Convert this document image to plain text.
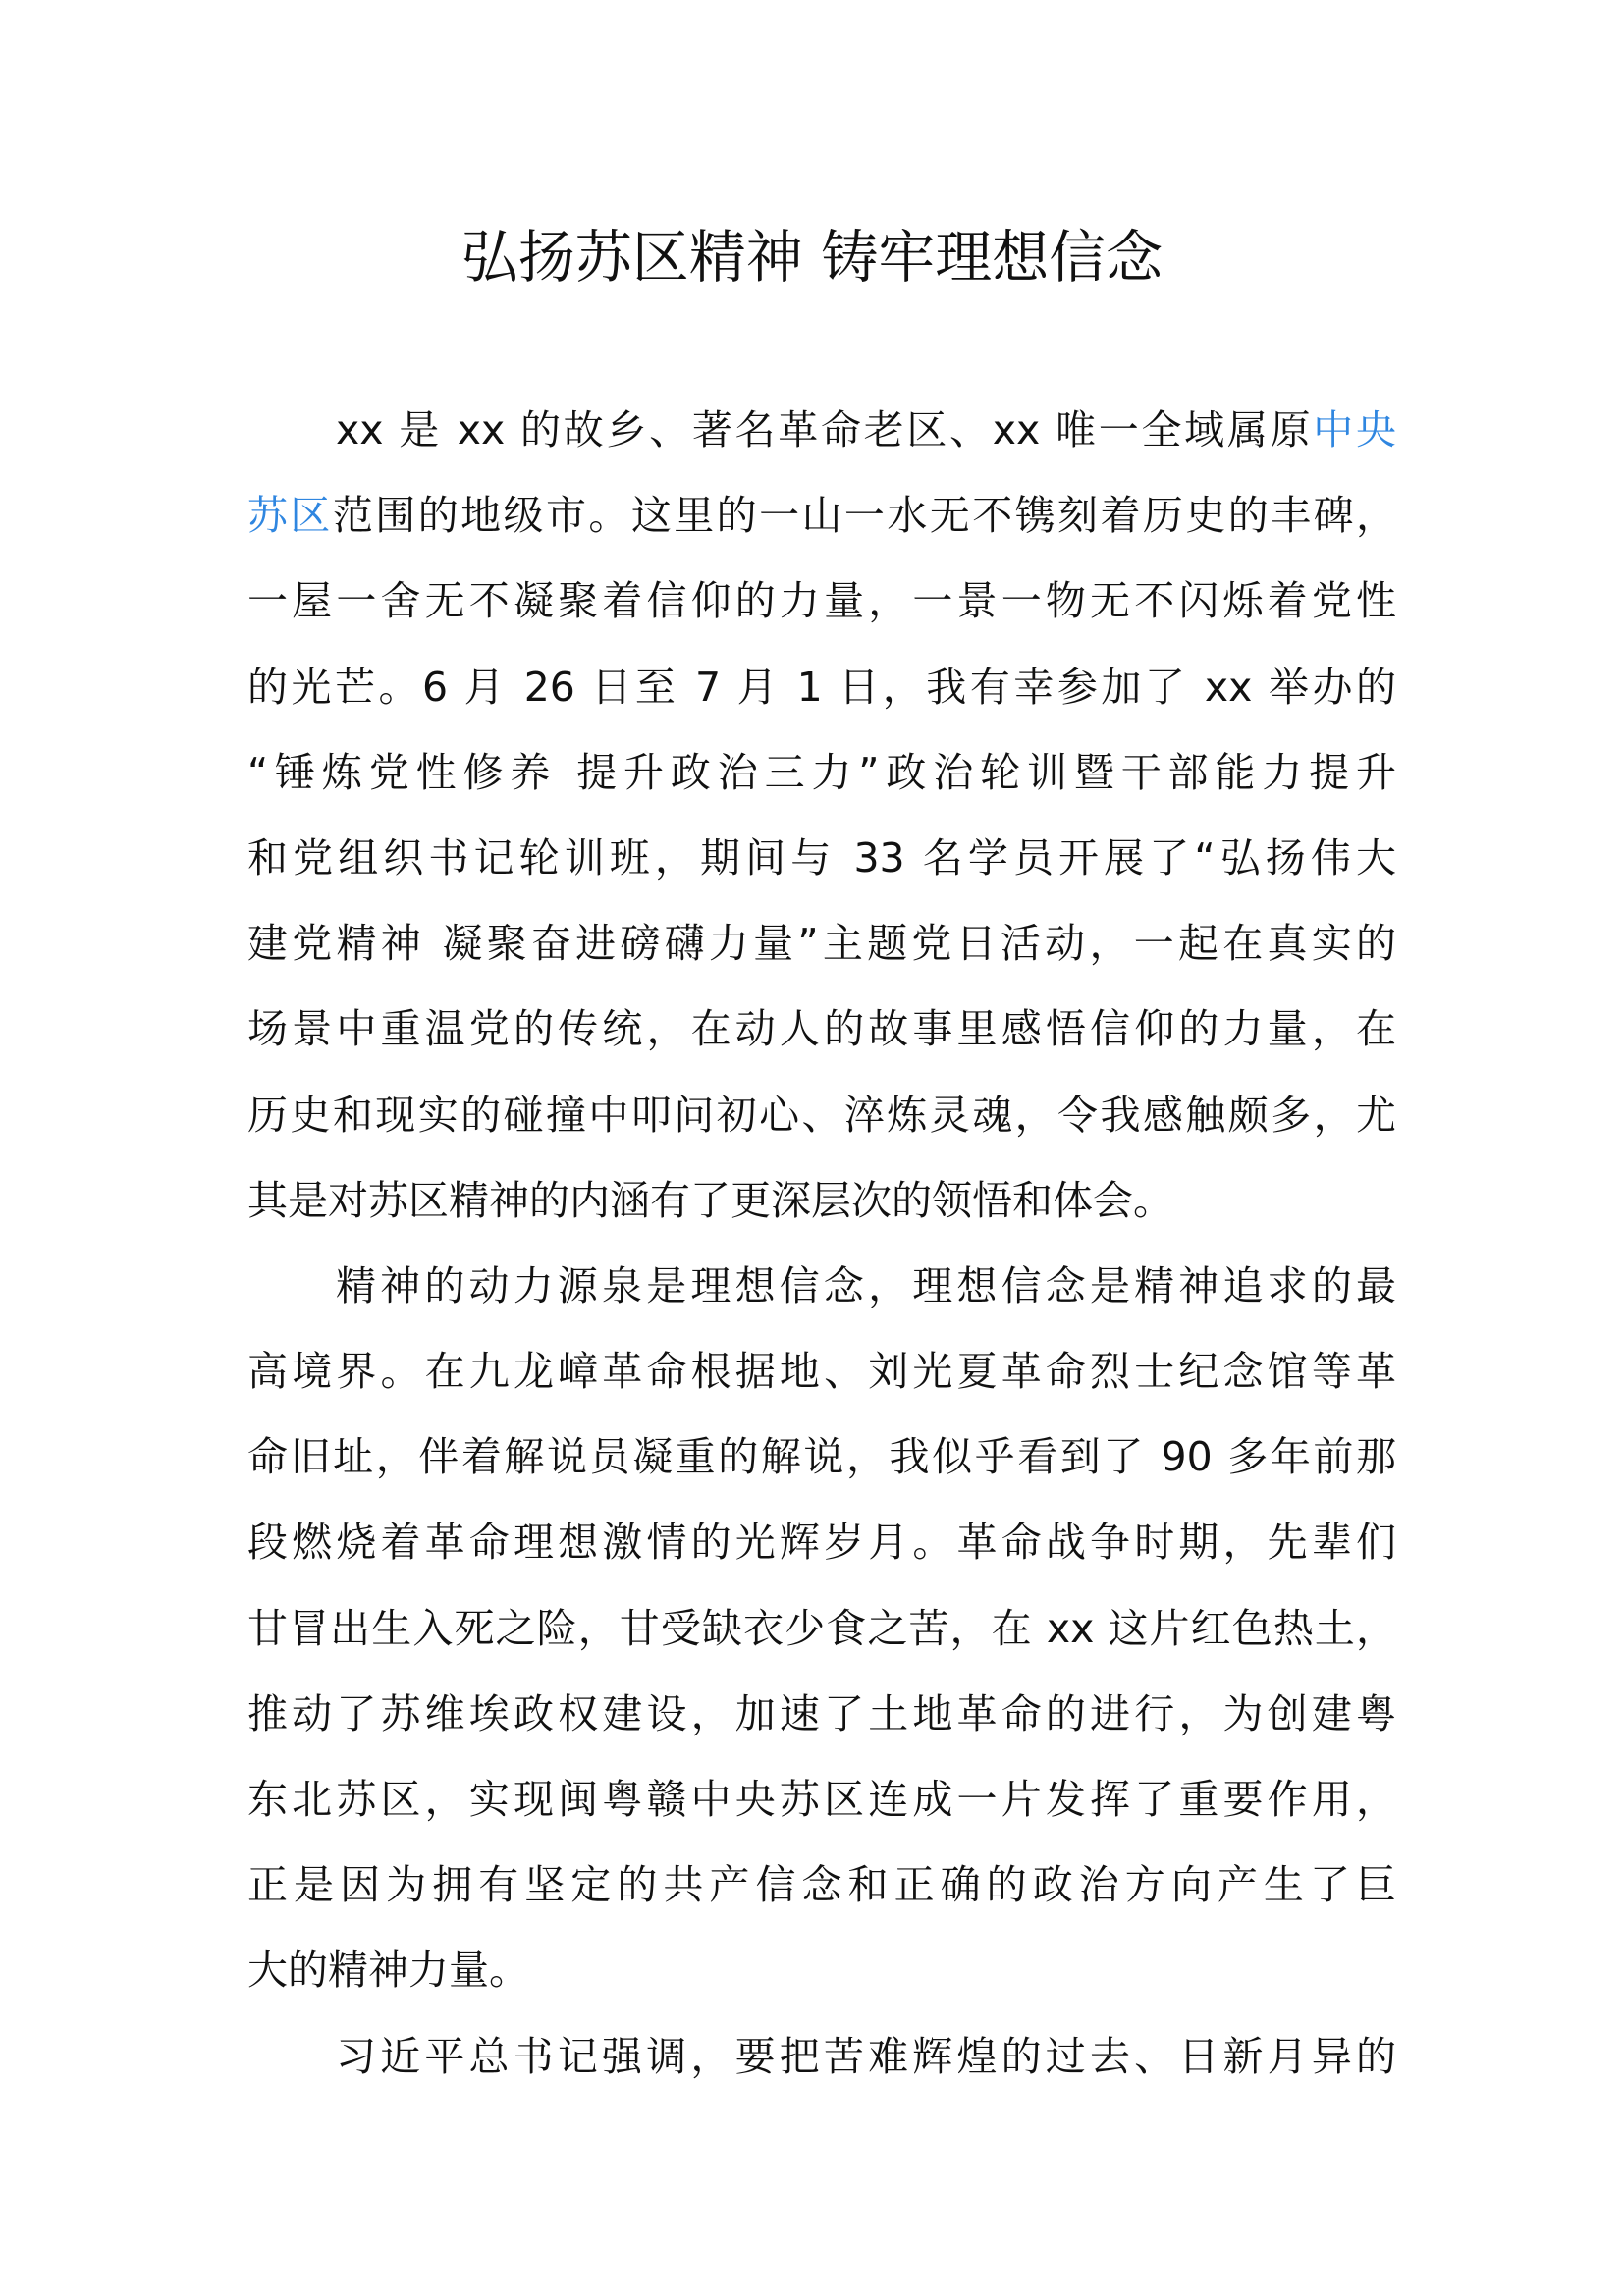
弘扬苏区精神 铸牢理想信念
xx 是 xx 的故乡、著名革命老区、xx 唯一全域属原中央
苏区范围的地级市。这里的一山一水无不镌刻着历史的丰碑，
一屋一舍无不凝聚着信仰的力量，一景一物无不闪烁着党性
的光芒。6 月 26 日至 7 月 1 日，我有幸参加了 xx 举办的
“锤炼党性修养 提升政治三力”政治轮训暨干部能力提升
和党组织书记轮训班，期间与 33 名学员开展了“弘扬伟大
建党精神 凝聚奋进磅礴力量”主题党日活动，一起在真实的
场景中重温党的传统，在动人的故事里感悟信仰的力量，在
历史和现实的碰撞中叩问初心、淬炼灵魂，令我感触颇多，尤
其是对苏区精神的内涵有了更深层次的领悟和体会。
精神的动力源泉是理想信念，理想信念是精神追求的最
高境界。在九龙嶂革命根据地、刘光夏革命烈士纪念馆等革
命旧址，伴着解说员凝重的解说，我似乎看到了 90 多年前那
段燃烧着革命理想激情的光辉岁月。革命战争时期，先辈们
甘冒出生入死之险，甘受缺衣少食之苦，在 xx 这片红色热土，
推动了苏维埃政权建设，加速了土地革命的进行，为创建粤
东北苏区，实现闽粤赣中央苏区连成一片发挥了重要作用，
正是因为拥有坚定的共产信念和正确的政治方向产生了巨
大的精神力量。
习近平总书记强调，要把苦难辉煌的过去、日新月异的
